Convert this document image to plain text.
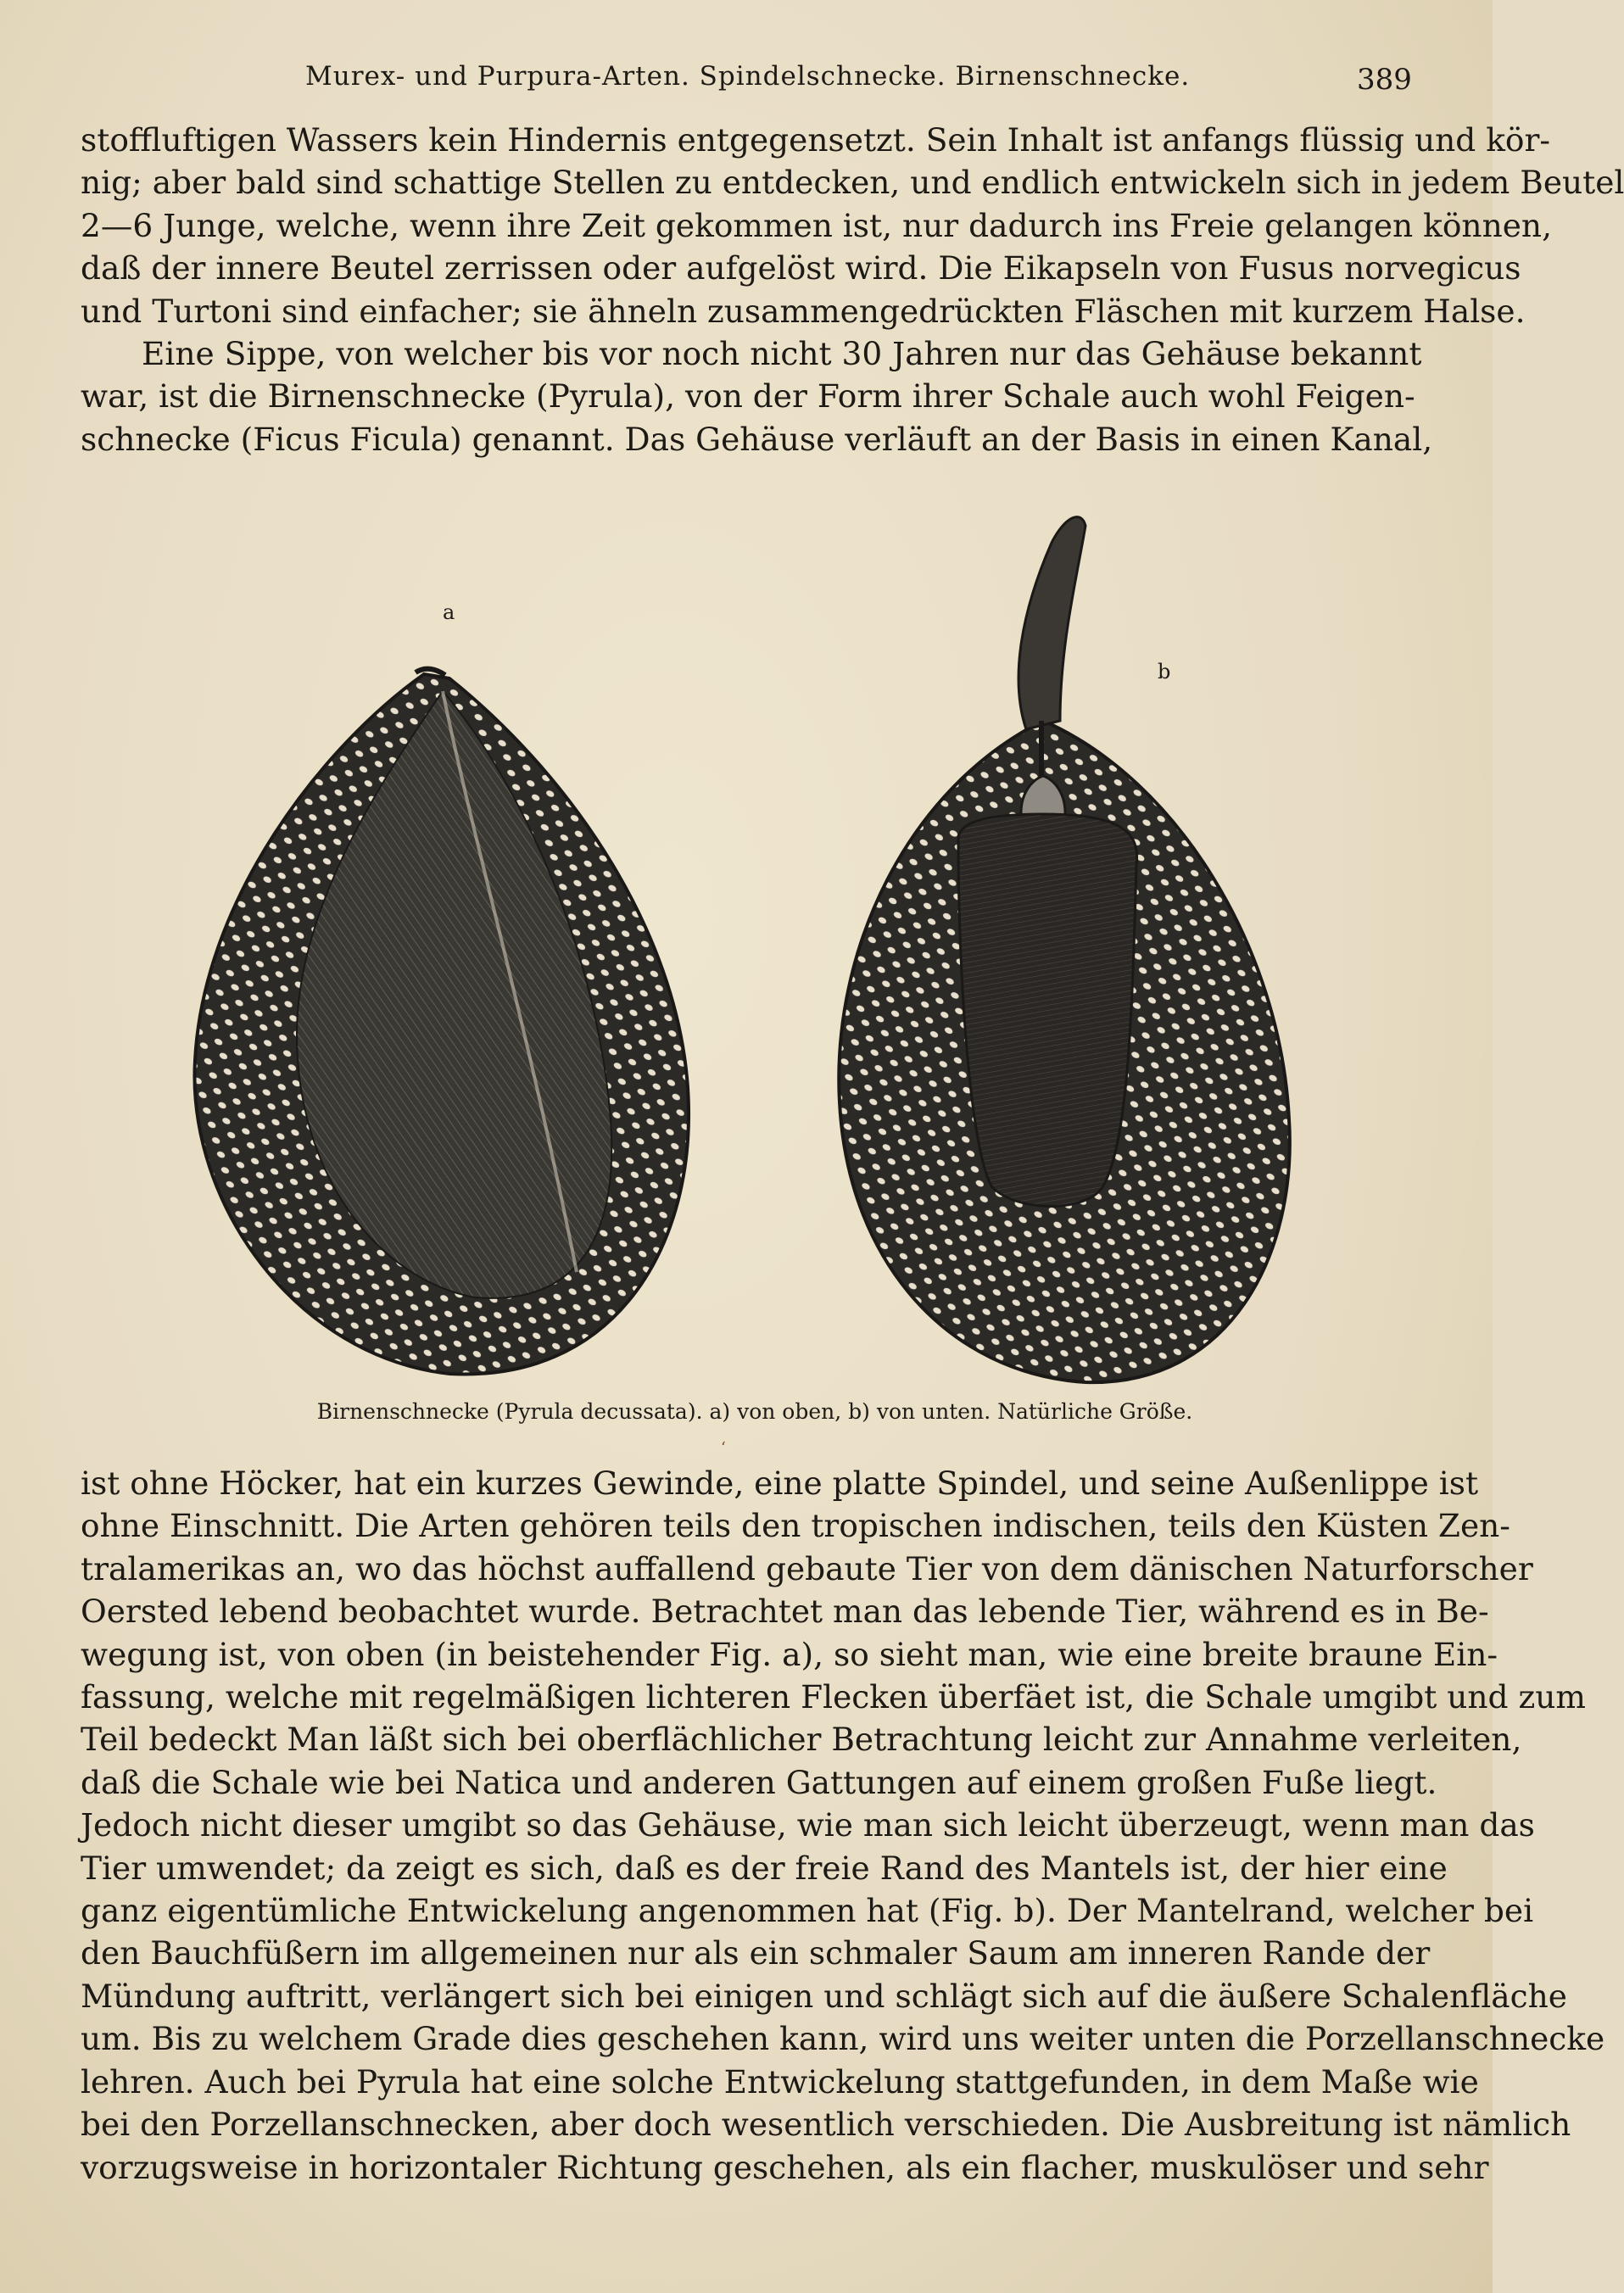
Murex- und Purpura-Arten. Spindelschnecke. Birnenschnecke.	389
stoffluftigen Wassers kein Hindernis entgegensetzt. Sein Inhalt ist anfangs flüssig und kör-
nig; aber bald sind schattige Stellen zu entdecken, und endlich entwickeln sich in jedem Beutel
2—6 Junge, welche, wenn ihre Zeit gekommen ist, nur dadurch ins Freie gelangen können,
daß der innere Beutel zerrissen oder aufgelöst wird. Die Eikapseln von Fusus norvegicus
und Turtoni sind einfacher; sie ähneln zusammengedrückten Fläschen mit kurzem Halse.
Eine Sippe, von welcher bis vor noch nicht 30 Jahren nur das Gehäuse bekannt
war, ist die Birnenschnecke (Pyrula), von der Form ihrer Schale auch wohl Feigen-
schnecke (Ficus Ficula) genannt. Das Gehäuse verläuft an der Basis in einen Kanal,
a
b
Birnenschnecke (Pyrula decussata). a) von oben, b) von unten. Natürliche Größe.
ʻ
ist ohne Höcker, hat ein kurzes Gewinde, eine platte Spindel, und seine Außenlippe ist
ohne Einschnitt. Die Arten gehören teils den tropischen indischen, teils den Küsten Zen-
tralamerikas an, wo das höchst auffallend gebaute Tier von dem dänischen Naturforscher
Oersted lebend beobachtet wurde. Betrachtet man das lebende Tier, während es in Be-
wegung ist, von oben (in beistehender Fig. a), so sieht man, wie eine breite braune Ein-
fassung, welche mit regelmäßigen lichteren Flecken überfäet ist, die Schale umgibt und zum
Teil bedeckt Man läßt sich bei oberflächlicher Betrachtung leicht zur Annahme verleiten,
daß die Schale wie bei Natica und anderen Gattungen auf einem großen Fuße liegt.
Jedoch nicht dieser umgibt so das Gehäuse, wie man sich leicht überzeugt, wenn man das
Tier umwendet; da zeigt es sich, daß es der freie Rand des Mantels ist, der hier eine
ganz eigentümliche Entwickelung angenommen hat (Fig. b). Der Mantelrand, welcher bei
den Bauchfüßern im allgemeinen nur als ein schmaler Saum am inneren Rande der
Mündung auftritt, verlängert sich bei einigen und schlägt sich auf die äußere Schalenfläche
um. Bis zu welchem Grade dies geschehen kann, wird uns weiter unten die Porzellanschnecke
lehren. Auch bei Pyrula hat eine solche Entwickelung stattgefunden, in dem Maße wie
bei den Porzellanschnecken, aber doch wesentlich verschieden. Die Ausbreitung ist nämlich
vorzugsweise in horizontaler Richtung geschehen, als ein flacher, muskulöser und sehr
